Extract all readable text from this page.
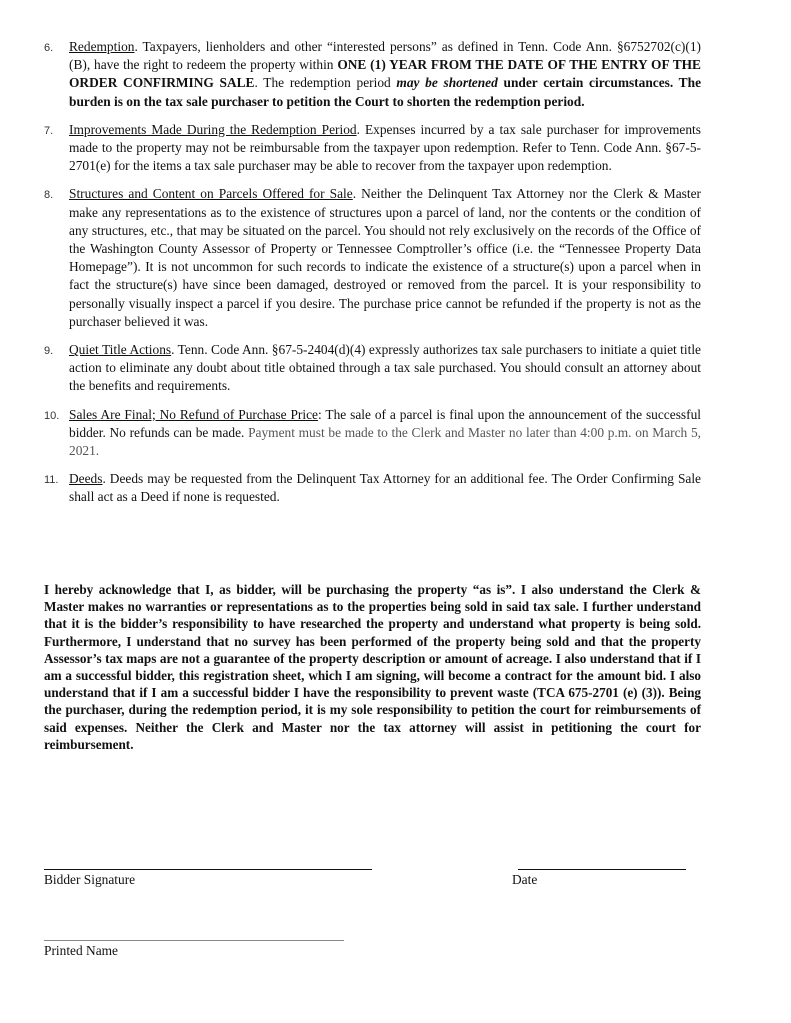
6.	Redemption. Taxpayers, lienholders and other “interested persons” as defined in Tenn. Code Ann. §6752702(c)(1)(B), have the right to redeem the property within ONE (1) YEAR FROM THE DATE OF THE ENTRY OF THE ORDER CONFIRMING SALE. The redemption period may be shortened under certain circumstances. The burden is on the tax sale purchaser to petition the Court to shorten the redemption period.
7.	Improvements Made During the Redemption Period. Expenses incurred by a tax sale purchaser for improvements made to the property may not be reimbursable from the taxpayer upon redemption. Refer to Tenn. Code Ann. §67-5-2701(e) for the items a tax sale purchaser may be able to recover from the taxpayer upon redemption.
8.	Structures and Content on Parcels Offered for Sale. Neither the Delinquent Tax Attorney nor the Clerk & Master make any representations as to the existence of structures upon a parcel of land, nor the contents or the condition of any structures, etc., that may be situated on the parcel. You should not rely exclusively on the records of the Office of the Washington County Assessor of Property or Tennessee Comptroller’s office (i.e. the “Tennessee Property Data Homepage”). It is not uncommon for such records to indicate the existence of a structure(s) upon a parcel when in fact the structure(s) have since been damaged, destroyed or removed from the parcel. It is your responsibility to personally visually inspect a parcel if you desire. The purchase price cannot be refunded if the property is not as the purchaser believed it was.
9.	Quiet Title Actions. Tenn. Code Ann. §67-5-2404(d)(4) expressly authorizes tax sale purchasers to initiate a quiet title action to eliminate any doubt about title obtained through a tax sale purchased. You should consult an attorney about the benefits and requirements.
10. Sales Are Final; No Refund of Purchase Price: The sale of a parcel is final upon the announcement of the successful bidder. No refunds can be made. Payment must be made to the Clerk and Master no later than 4:00 p.m. on March 5, 2021.
11. Deeds. Deeds may be requested from the Delinquent Tax Attorney for an additional fee. The Order Confirming Sale shall act as a Deed if none is requested.
I hereby acknowledge that I, as bidder, will be purchasing the property “as is”. I also understand the Clerk & Master makes no warranties or representations as to the properties being sold in said tax sale. I further understand that it is the bidder’s responsibility to have researched the property and understand what property is being sold. Furthermore, I understand that no survey has been performed of the property being sold and that the property Assessor’s tax maps are not a guarantee of the property description or amount of acreage. I also understand that if I am a successful bidder, this registration sheet, which I am signing, will become a contract for the amount bid. I also understand that if I am a successful bidder I have the responsibility to prevent waste (TCA 675-2701 (e) (3)). Being the purchaser, during the redemption period, it is my sole responsibility to petition the court for reimbursements of said expenses. Neither the Clerk and Master nor the tax attorney will assist in petitioning the court for reimbursement.
Bidder Signature	Date
Printed Name
